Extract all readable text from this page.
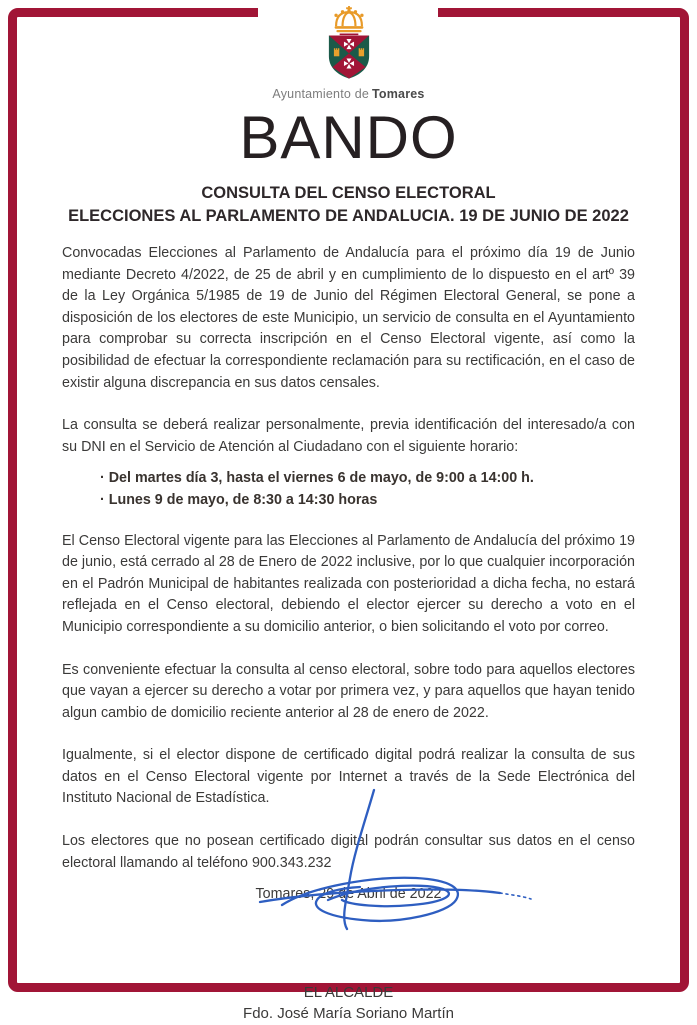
Ayuntamiento de Tomares
BANDO
CONSULTA DEL CENSO ELECTORAL
ELECCIONES AL PARLAMENTO DE ANDALUCIA. 19 DE JUNIO DE 2022

Convocadas Elecciones al Parlamento de Andalucía para el próximo día 19 de Junio mediante Decreto 4/2022, de 25 de abril y en cumplimiento de lo dispuesto en el artº 39 de la Ley Orgánica 5/1985 de 19 de Junio del Régimen Electoral General, se pone a disposición de los electores de este Municipio, un servicio de consulta en el Ayuntamiento para comprobar su correcta inscripción en el Censo Electoral vigente, así como la posibilidad de efectuar la correspondiente reclamación para su rectificación, en el caso de existir alguna discrepancia en sus datos censales.

La consulta se deberá realizar personalmente, previa identificación del interesado/a con su DNI en el Servicio de Atención al Ciudadano con el siguiente horario:

· Del martes día 3, hasta el viernes 6 de mayo, de 9:00 a 14:00 h.
· Lunes 9 de mayo, de 8:30 a 14:30 horas

El Censo Electoral vigente para las Elecciones al Parlamento de Andalucía del próximo 19 de junio, está cerrado al 28 de Enero de 2022 inclusive, por lo que cualquier incorporación en el Padrón Municipal de habitantes realizada con posterioridad a dicha fecha, no estará reflejada en el Censo electoral, debiendo el elector ejercer su derecho a voto en el Municipio correspondiente a su domicilio anterior, o bien solicitando el voto por correo.

Es conveniente efectuar la consulta al censo electoral, sobre todo para aquellos electores que vayan a ejercer su derecho a votar por primera vez, y para aquellos que hayan tenido algun cambio de domicilio reciente anterior al 28 de enero de 2022.

Igualmente, si el elector dispone de certificado digital podrá realizar la consulta de sus datos en el Censo Electoral vigente por Internet a través de la Sede Electrónica del Instituto Nacional de Estadística.

Los electores que no posean certificado digital podrán consultar sus datos en el censo electoral llamando al teléfono 900.343.232

Tomares, 29 de Abril de 2022
EL ALCALDE
Fdo. José María Soriano Martín
